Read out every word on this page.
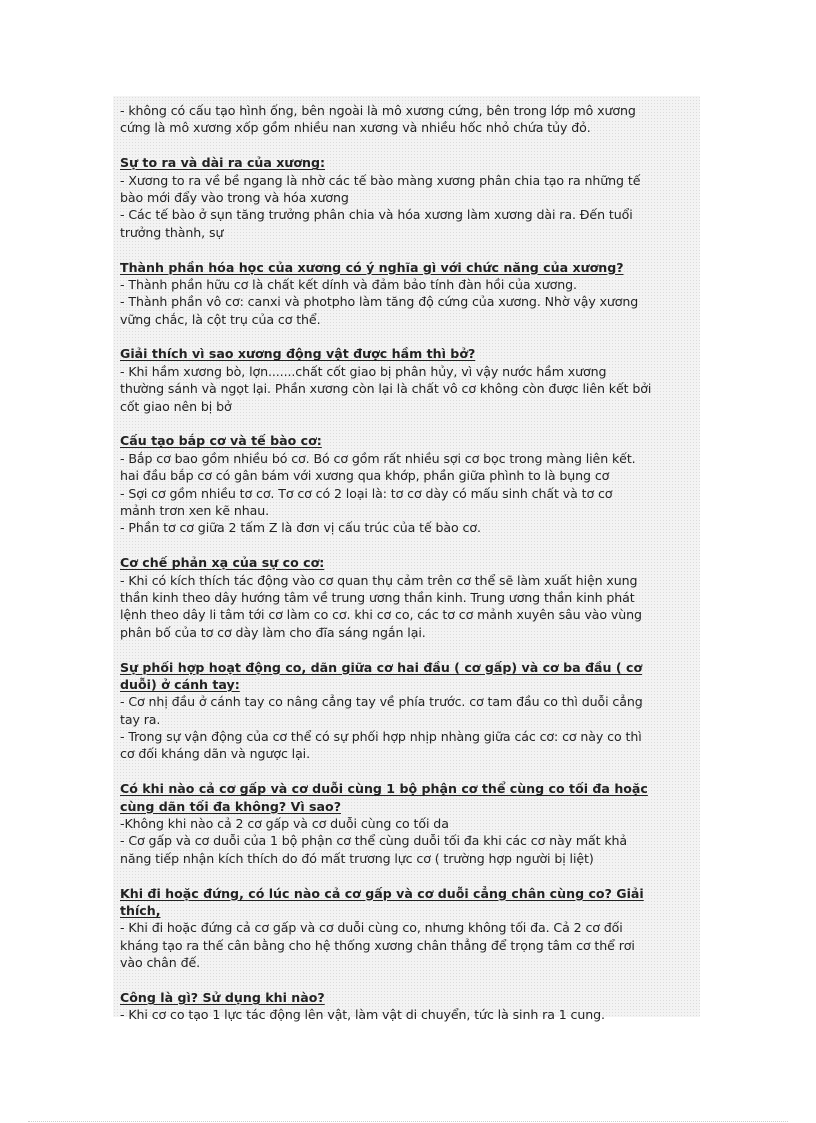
- không có cấu tạo hình ống, bên ngoài là mô xương cứng, bên trong lớp mô xương
cứng là mô xương xốp gồm nhiều nan xương và nhiều hốc nhỏ chứa tủy đỏ.
Sự to ra và dài ra của xương:
- Xương to ra về bề ngang là nhờ các tế bào màng xương phân chia tạo ra những tế
bào mới đẩy vào trong và hóa xương
- Các tế bào ở sụn tăng trưởng phân chia và hóa xương làm xương dài ra. Đến tuổi
trưởng thành, sự
Thành phần hóa học của xương có ý nghĩa gì với chức năng của xương?
- Thành phần hữu cơ là chất kết dính và đảm bảo tính đàn hồi của xương.
- Thành phần vô cơ: canxi và photpho làm tăng độ cứng của xương. Nhờ vậy xương
vững chắc, là cột trụ của cơ thể.
Giải thích vì sao xương động vật được hầm thì bở?
- Khi hầm xương bò, lợn.......chất cốt giao bị phân hủy, vì vậy nước hầm xương
thường sánh và ngọt lại. Phần xương còn lại là chất vô cơ không còn được liên kết bởi
cốt giao nên bị bở
Cấu tạo bắp cơ và tế bào cơ:
- Bắp cơ bao gồm nhiều bó cơ. Bó cơ gồm rất nhiều sợi cơ bọc trong màng liên kết.
hai đầu bắp cơ có gân bám với xương qua khớp, phần giữa phình to là bụng cơ
- Sợi cơ gồm nhiều tơ cơ. Tơ cơ có 2 loại là: tơ cơ dày có mấu sinh chất và tơ cơ
mảnh trơn xen kẽ nhau.
- Phần tơ cơ giữa 2 tấm Z là đơn vị cấu trúc của tế bào cơ.
Cơ chế phản xạ của sự co cơ:
- Khi có kích thích tác động vào cơ quan thụ cảm trên cơ thể sẽ làm xuất hiện xung
thần kinh theo dây hướng tâm về trung ương thần kinh. Trung ương thần kinh phát
lệnh theo dây li tâm tới cơ làm co cơ. khi cơ co, các tơ cơ mảnh xuyên sâu vào vùng
phân bố của tơ cơ dày làm cho đĩa sáng ngắn lại.
Sự phối hợp hoạt động co, dãn giữa cơ hai đầu ( cơ gấp) và cơ ba đầu ( cơ
duỗi) ở cánh tay:
- Cơ nhị đầu ở cánh tay co nâng cẳng tay về phía trước. cơ tam đầu co thì duỗi cẳng
tay ra.
- Trong sự vận động của cơ thể có sự phối hợp nhịp nhàng giữa các cơ: cơ này co thì
cơ đối kháng dãn và ngược lại.
Có khi nào cả cơ gấp và cơ duỗi cùng 1 bộ phận cơ thể cùng co tối đa hoặc
cùng dãn tối đa không? Vì sao?
-Không khi nào cả 2 cơ gấp và cơ duỗi cùng co tối da
- Cơ gấp và cơ duỗi của 1 bộ phận cơ thể cùng duỗi tối đa khi các cơ này mất khả
năng tiếp nhận kích thích do đó mất trương lực cơ ( trường hợp người bị liệt)
Khi đi hoặc đứng, có lúc nào cả cơ gấp và cơ duỗi cẳng chân cùng co? Giải
thích,
- Khi đi hoặc đứng cả cơ gấp và cơ duỗi cùng co, nhưng không tối đa. Cả 2 cơ đối
kháng tạo ra thế cân bằng cho hệ thống xương chân thẳng để trọng tâm cơ thể rơi
vào chân đế.
Công là gì? Sử dụng khi nào?
- Khi cơ co tạo 1 lực tác động lên vật, làm vật di chuyển, tức là sinh ra 1 cung.
